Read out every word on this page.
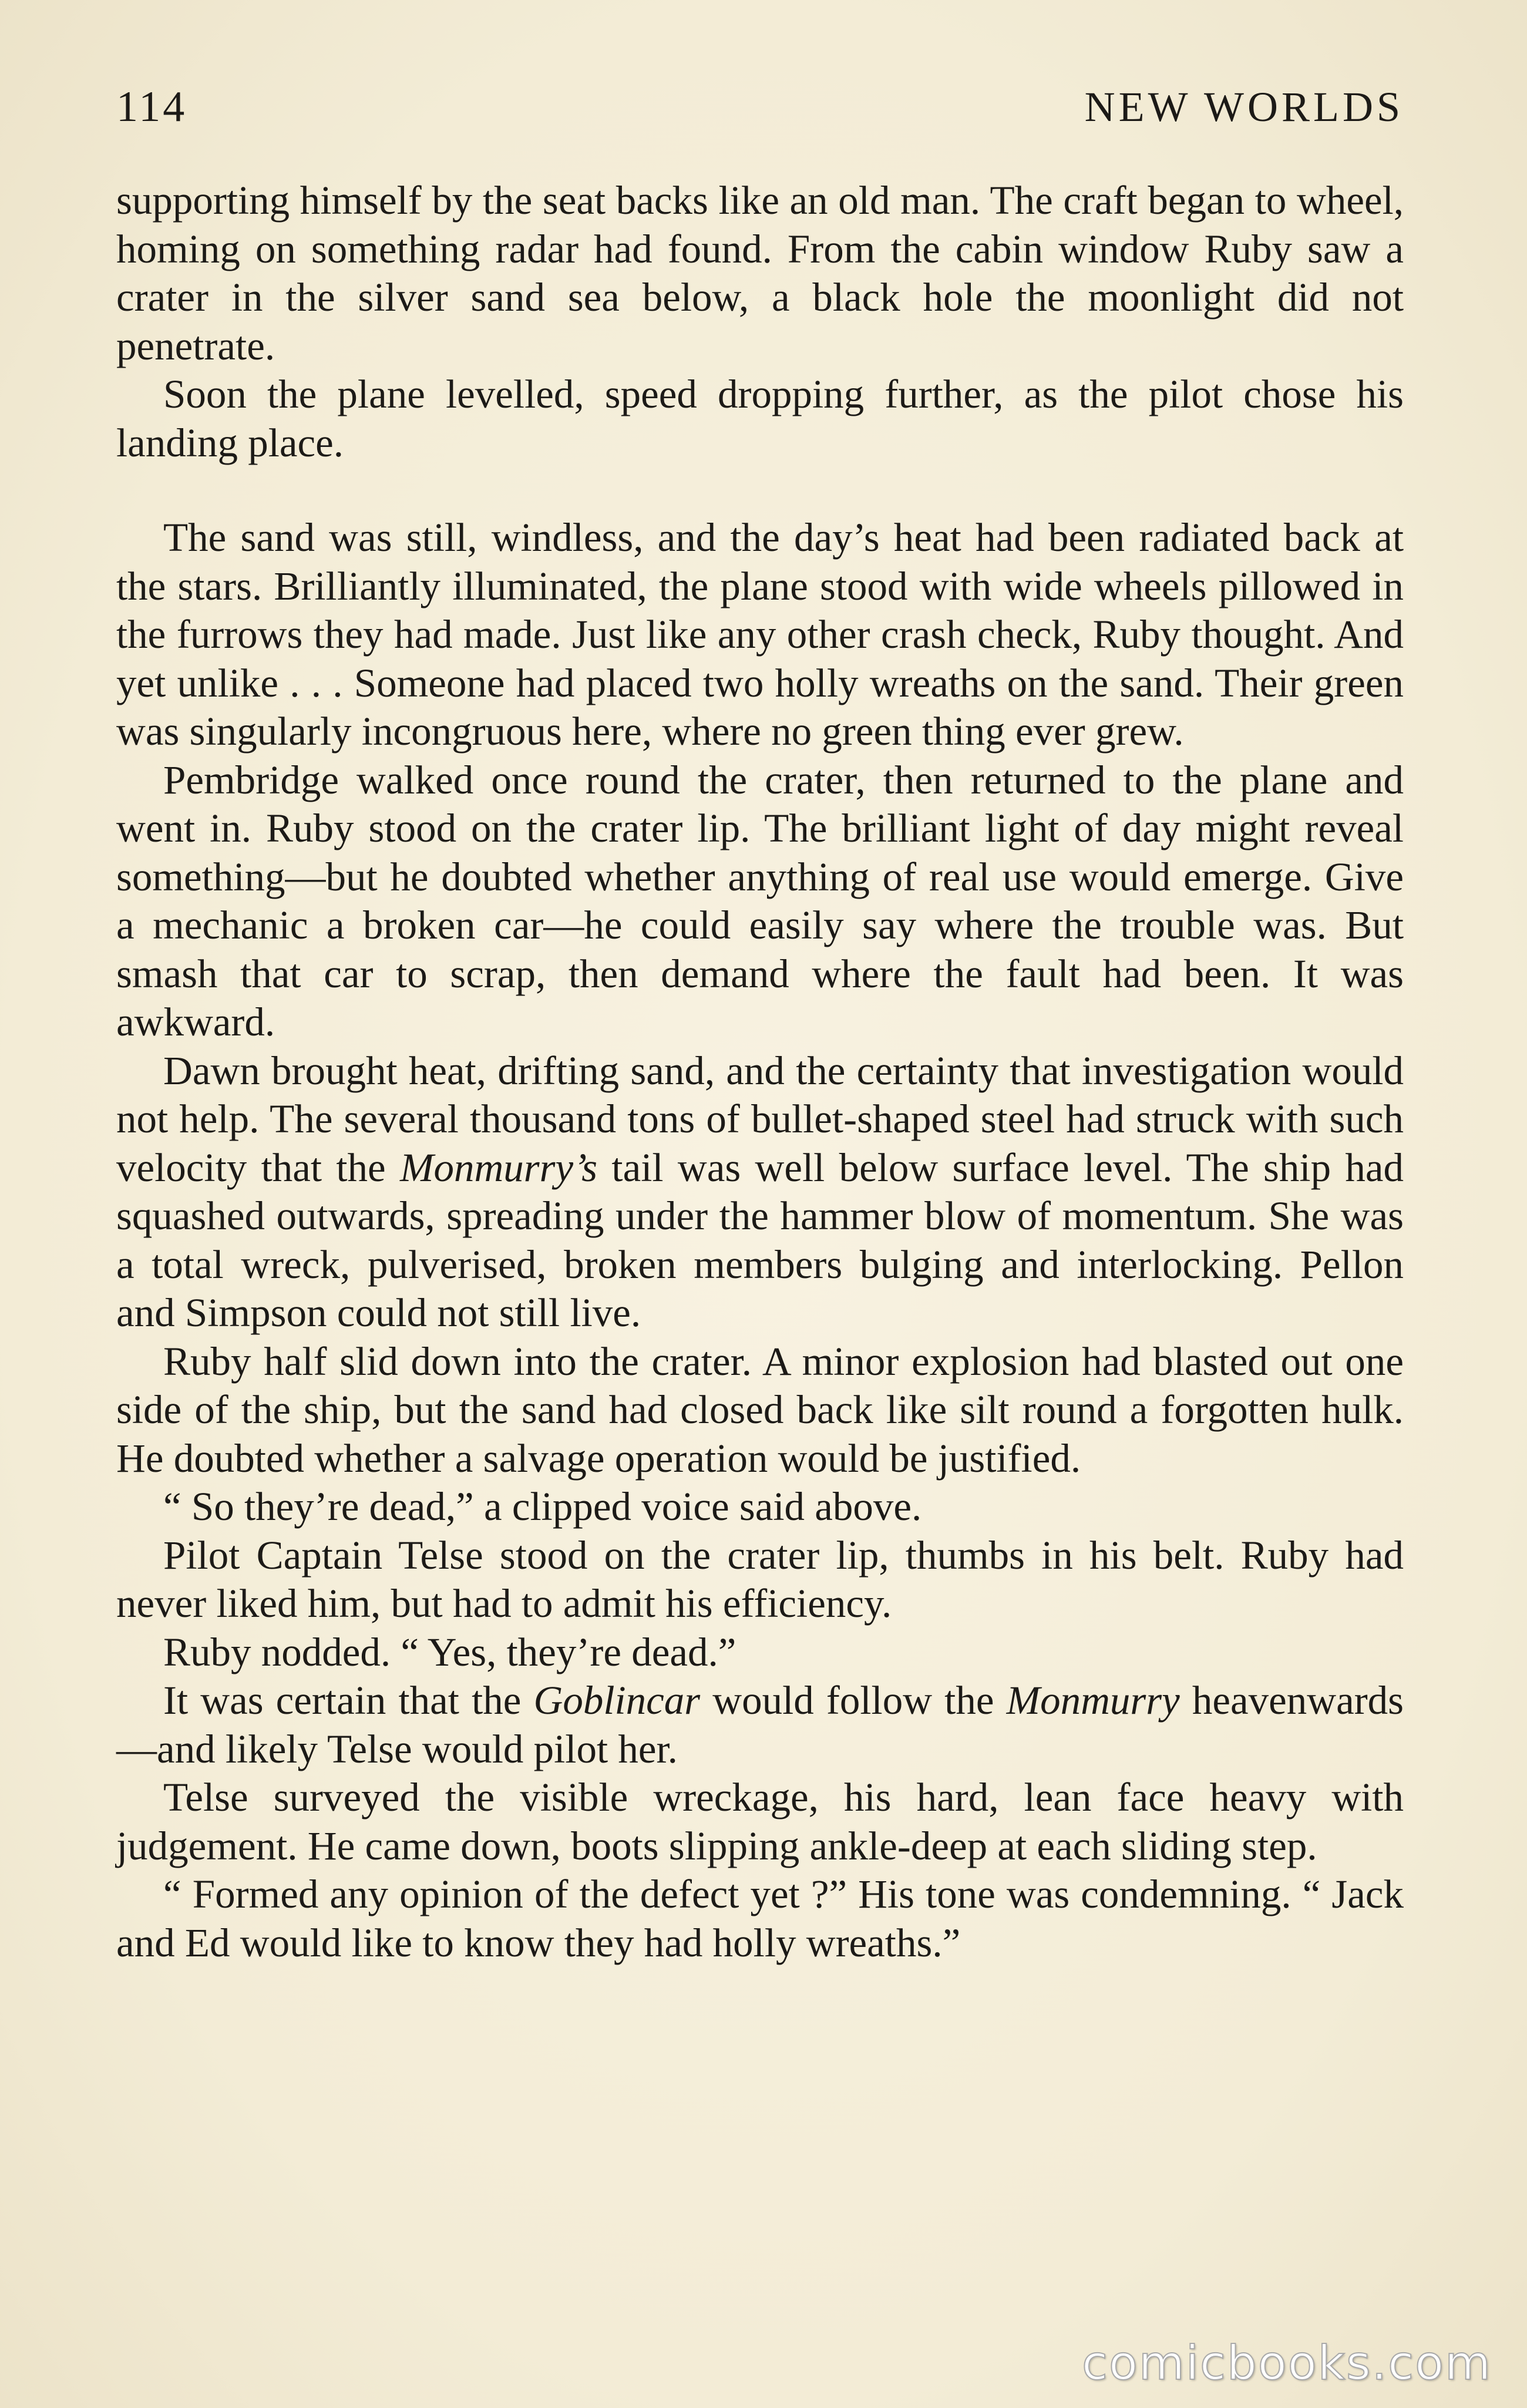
114	NEW WORLDS

supporting himself by the seat backs like an old man. The craft began to wheel, homing on something radar had found. From the cabin window Ruby saw a crater in the silver sand sea below, a black hole the moonlight did not penetrate.

Soon the plane levelled, speed dropping further, as the pilot chose his landing place.

The sand was still, windless, and the day’s heat had been radiated back at the stars. Brilliantly illuminated, the plane stood with wide wheels pillowed in the furrows they had made. Just like any other crash check, Ruby thought. And yet unlike . . . Someone had placed two holly wreaths on the sand. Their green was singularly incongruous here, where no green thing ever grew.

Pembridge walked once round the crater, then returned to the plane and went in. Ruby stood on the crater lip. The brilliant light of day might reveal something—but he doubted whether anything of real use would emerge. Give a mechanic a broken car—he could easily say where the trouble was. But smash that car to scrap, then demand where the fault had been. It was awkward.

Dawn brought heat, drifting sand, and the certainty that investigation would not help. The several thousand tons of bullet-shaped steel had struck with such velocity that the Monmurry’s tail was well below surface level. The ship had squashed outwards, spreading under the hammer blow of momentum. She was a total wreck, pulverised, broken members bulging and interlocking. Pellon and Simpson could not still live.

Ruby half slid down into the crater. A minor explosion had blasted out one side of the ship, but the sand had closed back like silt round a forgotten hulk. He doubted whether a salvage operation would be justified.

“ So they’re dead,” a clipped voice said above.

Pilot Captain Telse stood on the crater lip, thumbs in his belt. Ruby had never liked him, but had to admit his efficiency.

Ruby nodded. “ Yes, they’re dead.”

It was certain that the Goblincar would follow the Monmurry heavenwards—and likely Telse would pilot her.

Telse surveyed the visible wreckage, his hard, lean face heavy with judgement. He came down, boots slipping ankle-deep at each sliding step.

“ Formed any opinion of the defect yet ?” His tone was condemning. “ Jack and Ed would like to know they had holly wreaths.”

comicbooks.com
